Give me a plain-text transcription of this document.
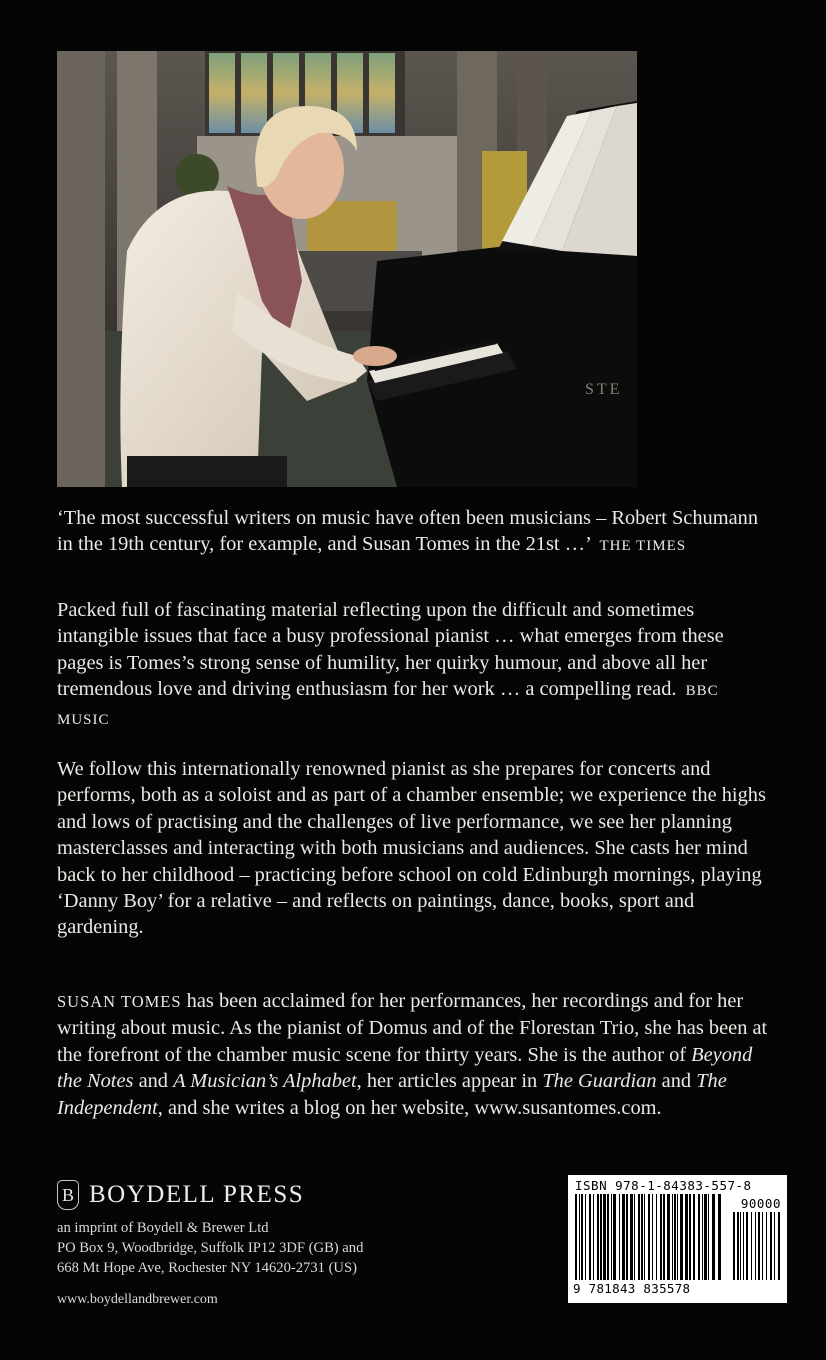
STE
‘The most successful writers on music have often been musicians – Robert Schumann in the 19th century, for example, and Susan Tomes in the 21st …’ THE TIMES
Packed full of fascinating material reflecting upon the difficult and sometimes intangible issues that face a busy professional pianist … what emerges from these pages is Tomes’s strong sense of humility, her quirky humour, and above all her tremendous love and driving enthusiasm for her work … a compelling read. BBC MUSIC
We follow this internationally renowned pianist as she prepares for concerts and performs, both as a soloist and as part of a chamber ensemble; we experience the highs and lows of practising and the challenges of live performance, we see her planning masterclasses and interacting with both musicians and audiences. She casts her mind back to her childhood – practicing before school on cold Edinburgh mornings, playing ‘Danny Boy’ for a relative – and reflects on paintings, dance, books, sport and gardening.
SUSAN TOMES has been acclaimed for her performances, her recordings and for her writing about music. As the pianist of Domus and of the Florestan Trio, she has been at the forefront of the chamber music scene for thirty years. She is the author of Beyond the Notes and A Musician’s Alphabet, her articles appear in The Guardian and The Independent, and she writes a blog on her website, www.susantomes.com.
B BOYDELL PRESS
an imprint of Boydell & Brewer Ltd
PO Box 9, Woodbridge, Suffolk IP12 3DF (GB) and
668 Mt Hope Ave, Rochester NY 14620-2731 (US)
www.boydellandbrewer.com
ISBN 978-1-84383-557-8
90000
9 781843 835578
